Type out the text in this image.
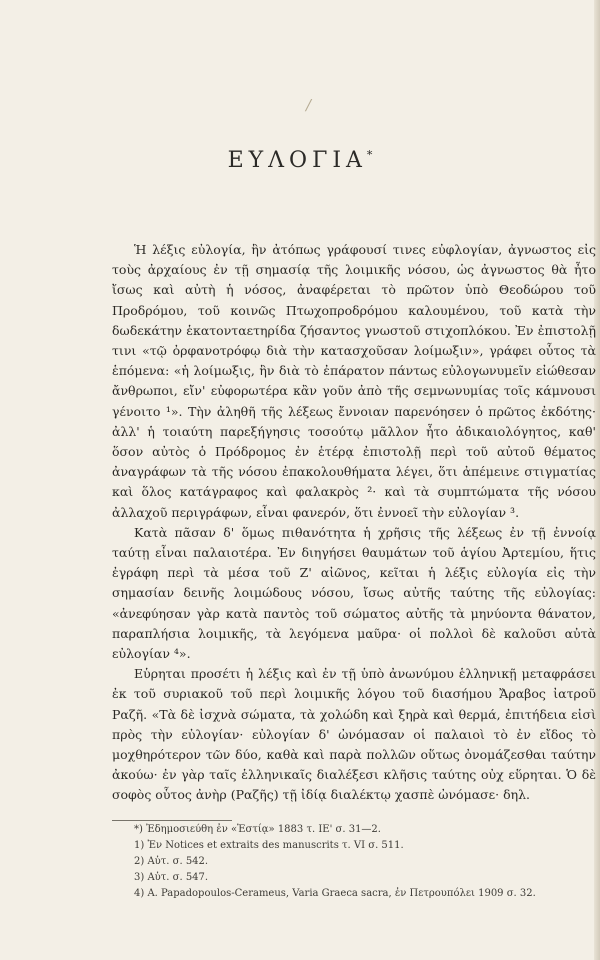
/
ΕΥΛΟΓΙΑ*

Ἡ λέξις εὐλογία, ἣν ἀτόπως γράφουσί τινες εὐφλογίαν, ἀγνωστος εἰς τοὺς ἀρχαίους ἐν τῇ σημασίᾳ τῆς λοιμικῆς νόσου, ὡς ἀγνωστος θὰ ἦτο ἴσως καὶ αὐτὴ ἡ νόσος, ἀναφέρεται τὸ πρῶτον ὑπὸ Θεοδώρου τοῦ Προδρόμου, τοῦ κοινῶς Πτωχοπροδρόμου καλουμένου, τοῦ κατὰ τὴν δωδεκάτην ἑκατονταετηρίδα ζήσαντος γνωστοῦ στιχοπλόκου. Ἐν ἐπιστολῇ τινι «τῷ ὀρφανοτρόφῳ διὰ τὴν κατασχοῦσαν λοίμωξιν», γράφει οὗτος τὰ ἑπόμενα: «ἡ λοίμωξις, ἣν διὰ τὸ ἐπάρατον πάντως εὐλογωνυμεῖν εἰώθεσαν ἄνθρωποι, εἴν' εὐφορωτέρα κἂν γοῦν ἀπὸ τῆς σεμνωνυμίας τοῖς κάμνουσι γένοιτο ¹». Τὴν ἀληθῆ τῆς λέξεως ἔννοιαν παρενόησεν ὁ πρῶτος ἐκδότης· ἀλλ' ἡ τοιαύτη παρεξήγησις τοσούτῳ μᾶλλον ἦτο ἀδικαιολόγητος, καθ' ὅσον αὐτὸς ὁ Πρόδρομος ἐν ἑτέρᾳ ἐπιστολῇ περὶ τοῦ αὐτοῦ θέματος ἀναγράφων τὰ τῆς νόσου ἐπακολουθήματα λέγει, ὅτι ἀπέμεινε στιγματίας καὶ ὅλος κατάγραφος καὶ φαλακρὸς ²· καὶ τὰ συμπτώματα τῆς νόσου ἀλλαχοῦ περιγράφων, εἶναι φανερόν, ὅτι ἐννοεῖ τὴν εὐλογίαν ³.

Κατὰ πᾶσαν δ' ὅμως πιθανότητα ἡ χρῆσις τῆς λέξεως ἐν τῇ ἐννοίᾳ ταύτῃ εἶναι παλαιοτέρα. Ἐν διηγήσει θαυμάτων τοῦ ἁγίου Ἀρτεμίου, ἥτις ἐγράφη περὶ τὰ μέσα τοῦ Ζ' αἰῶνος, κεῖται ἡ λέξις εὐλογία εἰς τὴν σημασίαν δεινῆς λοιμώδους νόσου, ἴσως αὐτῆς ταύτης τῆς εὐλογίας: «ἀνεφύησαν γὰρ κατὰ παντὸς τοῦ σώματος αὐτῆς τὰ μηνύοντα θάνατον, παραπλήσια λοιμικῆς, τὰ λεγόμενα μαῦρα· οἱ πολλοὶ δὲ καλοῦσι αὐτὰ εὐλογίαν ⁴».

Εὑρηται προσέτι ἡ λέξις καὶ ἐν τῇ ὑπὸ ἀνωνύμου ἑλληνικῇ μεταφράσει ἐκ τοῦ συριακοῦ τοῦ περὶ λοιμικῆς λόγου τοῦ διασήμου Ἄραβος ἰατροῦ Ραζῆ. «Τὰ δὲ ἰσχνὰ σώματα, τὰ χολώδη καὶ ξηρὰ καὶ θερμά, ἐπιτήδεια εἰσὶ πρὸς τὴν εὐλογίαν· εὐλογίαν δ' ὠνόμασαν οἱ παλαιοὶ τὸ ἐν εἴδος τὸ μοχθηρότερον τῶν δύο, καθὰ καὶ παρὰ πολλῶν οὕτως ὀνομάζεσθαι ταύτην ἀκούω· ἐν γὰρ ταῖς ἑλληνικαῖς διαλέξεσι κλῆσις ταύτης οὐχ εὕρηται. Ὁ δὲ σοφὸς οὗτος ἀνὴρ (Ραζῆς) τῇ ἰδίᾳ διαλέκτῳ χασπὲ ὠνόμασε· δηλ.

*) Ἐδημοσιεύθη ἐν «Ἑστίᾳ» 1883 τ. ΙΕ' σ. 31—2.
1) Ἐν Notices et extraits des manuscrits τ. VI σ. 511.
2) Αὐτ. σ. 542.
3) Αὐτ. σ. 547.
4) A. Papadopoulos-Cerameus, Varia Graeca sacra, ἐν Πετρουπόλει 1909 σ. 32.
